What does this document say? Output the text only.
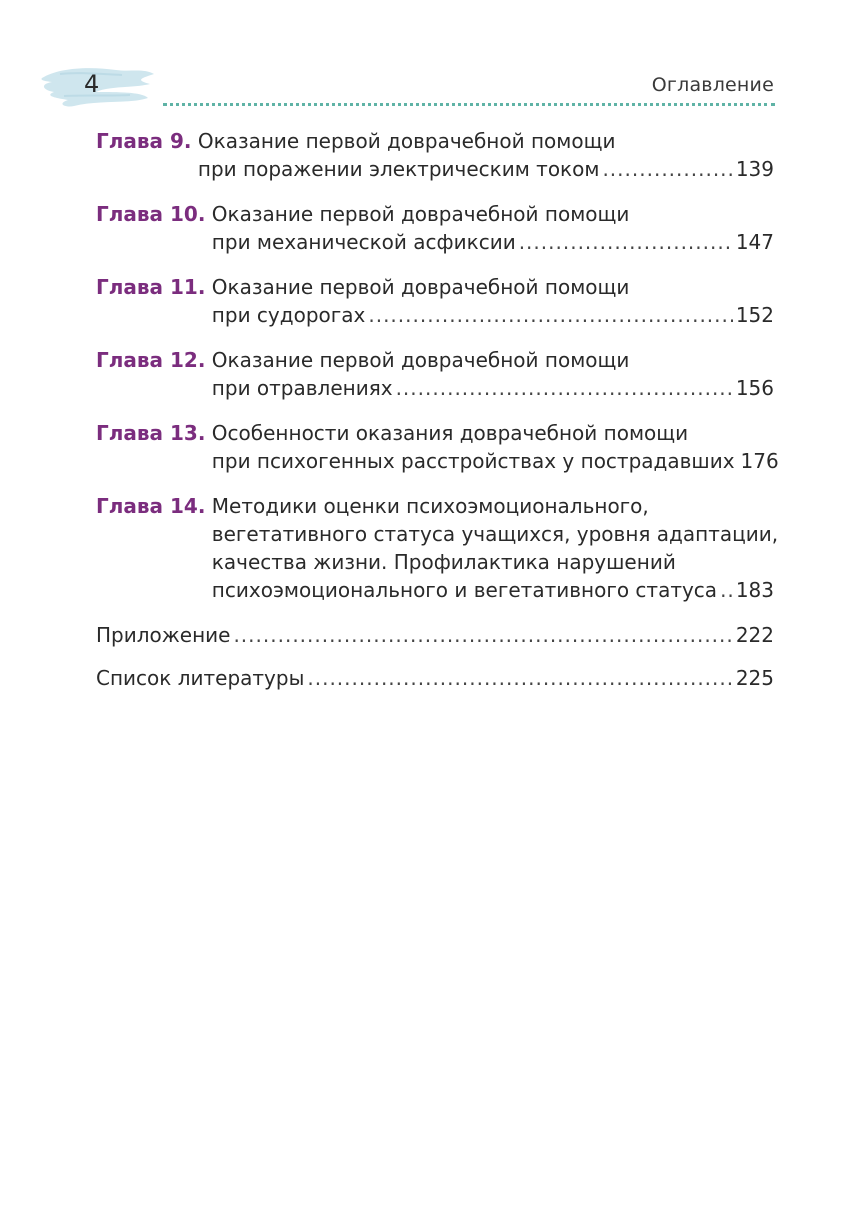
4	Оглавление
Глава 9.
Оказание первой доврачебной помощи
при поражении электрическим током .....	139
Глава 10.
Оказание первой доврачебной помощи
при механической асфиксии .....	147
Глава 11.
Оказание первой доврачебной помощи
при судорогах .....	152
Глава 12.
Оказание первой доврачебной помощи
при отравлениях .....	156
Глава 13.
Особенности оказания доврачебной помощи
при психогенных расстройствах у пострадавших 176
Глава 14.
Методики оценки психоэмоционального,
вегетативного статуса учащихся, уровня адаптации,
качества жизни. Профилактика нарушений
психоэмоционального и вегетативного статуса ..... 183
Приложение .....	222
Список литературы .....	225
